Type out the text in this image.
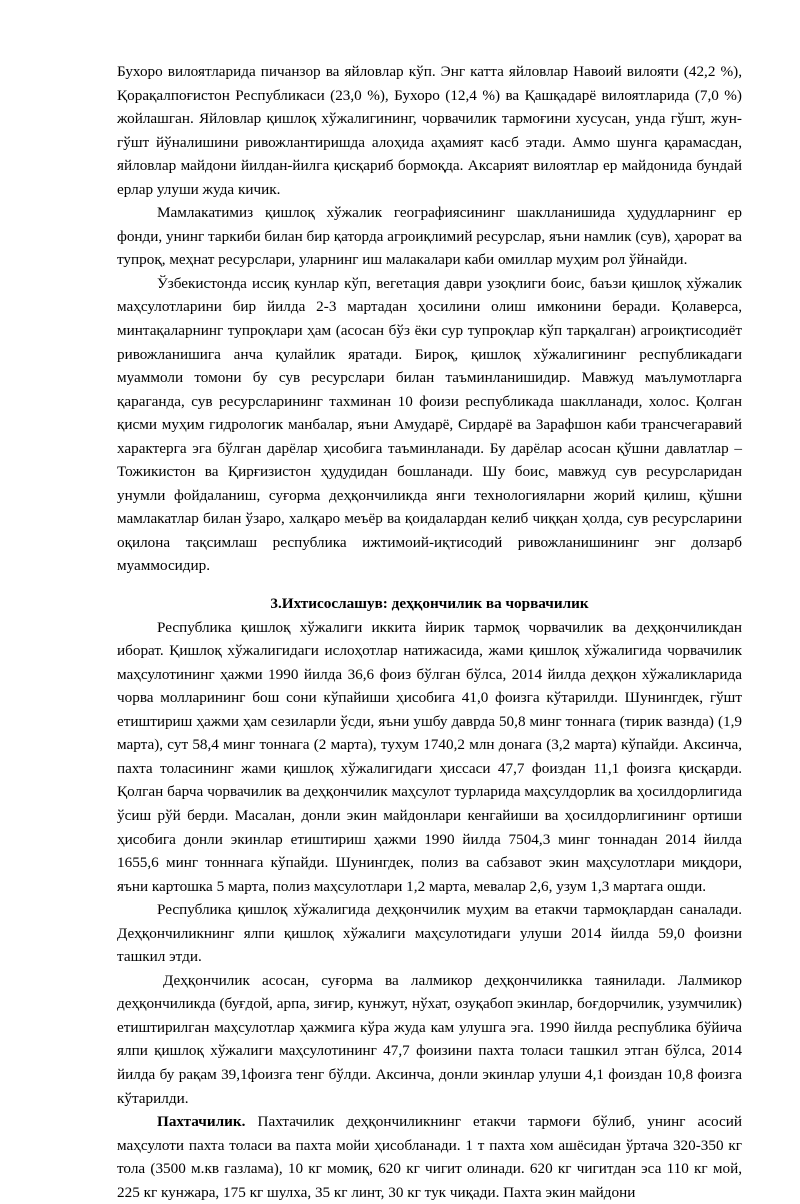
Бухоро вилоятларида пичанзор ва яйловлар кўп. Энг катта яйловлар Навоий вилояти (42,2 %), Қорақалпоғистон Республикаси (23,0 %), Бухоро (12,4 %) ва Қашқадарё вилоятларида (7,0 %) жойлашган. Яйловлар қишлоқ хўжалигининг, чорвачилик тармоғини хусусан, унда гўшт, жун-гўшт йўналишини ривожлантиришда алоҳида аҳамият касб этади. Аммо шунга қарамасдан, яйловлар майдони йилдан-йилга қисқариб бормоқда. Аксарият вилоятлар ер майдонида бундай ерлар улуши жуда кичик.

Мамлакатимиз қишлоқ хўжалик географиясининг шаклланишида ҳудудларнинг ер фонди, унинг таркиби билан бир қаторда агроиқлимий ресурслар, яъни намлик (сув), ҳарорат ва тупроқ, меҳнат ресурслари, уларнинг иш малакалари каби омиллар муҳим рол ўйнайди.

Ўзбекистонда иссиқ кунлар кўп, вегетация даври узоқлиги боис, баъзи қишлоқ хўжалик маҳсулотларини бир йилда 2-3 мартадан ҳосилини олиш имконини беради. Қолаверса, минтақаларнинг тупроқлари ҳам (асосан бўз ёки сур тупроқлар кўп тарқалган) агроиқтисодиёт ривожланишига анча қулайлик яратади. Бироқ, қишлоқ хўжалигининг республикадаги муаммоли томони бу сув ресурслари билан таъминланишидир. Мавжуд маълумотларга қараганда, сув ресурсларининг тахминан 10 фоизи республикада шаклланади, холос. Қолган қисми муҳим гидрологик манбалар, яъни Амударё, Сирдарё ва Зарафшон каби трансчегаравий характерга эга бўлган дарёлар ҳисобига таъминланади. Бу дарёлар асосан қўшни давлатлар – Тожикистон ва Қирғизистон ҳудудидан бошланади. Шу боис, мавжуд сув ресурсларидан унумли фойдаланиш, суғорма деҳқончиликда янги технологияларни жорий қилиш, қўшни мамлакатлар билан ўзаро, халқаро меъёр ва қоидалардан келиб чиққан ҳолда, сув ресурсларини оқилона тақсимлаш республика ижтимоий-иқтисодий ривожланишининг энг долзарб муаммосидир.

3.Ихтисослашув: деҳқончилик ва чорвачилик

Республика қишлоқ хўжалиги иккита йирик тармоқ чорвачилик ва деҳқончиликдан иборат. Қишлоқ хўжалигидаги ислоҳотлар натижасида, жами қишлоқ хўжалигида чорвачилик маҳсулотининг ҳажми 1990 йилда 36,6 фоиз бўлган бўлса, 2014 йилда деҳқон хўжаликларида чорва молларининг бош сони кўпайиши ҳисобига 41,0 фоизга кўтарилди. Шунингдек, гўшт етиштириш ҳажми ҳам сезиларли ўсди, яъни ушбу даврда 50,8 минг тоннага (тирик вазнда) (1,9 марта), сут 58,4 минг тоннага (2 марта), тухум 1740,2 млн донага (3,2 марта) кўпайди. Аксинча, пахта толасининг жами қишлоқ хўжалигидаги ҳиссаси 47,7 фоиздан 11,1 фоизга қисқарди. Қолган барча чорвачилик ва деҳқончилик маҳсулот турларида маҳсулдорлик ва ҳосилдорлигида ўсиш рўй берди. Масалан, донли экин майдонлари кенгайиши ва ҳосилдорлигининг ортиши ҳисобига донли экинлар етиштириш ҳажми 1990 йилда 7504,3 минг тоннадан 2014 йилда 1655,6 минг тонннага кўпайди. Шунингдек, полиз ва сабзавот экин маҳсулотлари миқдори, яъни картошка 5 марта, полиз маҳсулотлари 1,2 марта, мевалар 2,6, узум 1,3 мартага ошди.

Республика қишлоқ хўжалигида деҳқончилик муҳим ва етакчи тармоқлардан саналади. Деҳқончиликнинг ялпи қишлоқ хўжалиги маҳсулотидаги улуши 2014 йилда 59,0 фоизни ташкил этди.

Деҳқончилик асосан, суғорма ва лалмикор деҳқончиликка таянилади. Лалмикор деҳқончиликда (буғдой, арпа, зиғир, кунжут, нўхат, озуқабоп экинлар, боғдорчилик, узумчилик) етиштирилган маҳсулотлар ҳажмига кўра жуда кам улушга эга. 1990 йилда республика бўйича ялпи қишлоқ хўжалиги маҳсулотининг 47,7 фоизини пахта толаси ташкил этган бўлса, 2014 йилда бу рақам 39,1фоизга тенг бўлди. Аксинча, донли экинлар улуши 4,1 фоиздан 10,8 фоизга кўтарилди.

Пахтачилик. Пахтачилик деҳқончиликнинг етакчи тармоғи бўлиб, унинг асосий маҳсулоти пахта толаси ва пахта мойи ҳисобланади. 1 т пахта хом ашёсидан ўртача 320-350 кг тола (3500 м.кв газлама), 10 кг момиқ, 620 кг чигит олинади. 620 кг чигитдан эса 110 кг мой, 225 кг кунжара, 175 кг шулха, 35 кг линт, 30 кг тук чиқади. Пахта экин майдони
